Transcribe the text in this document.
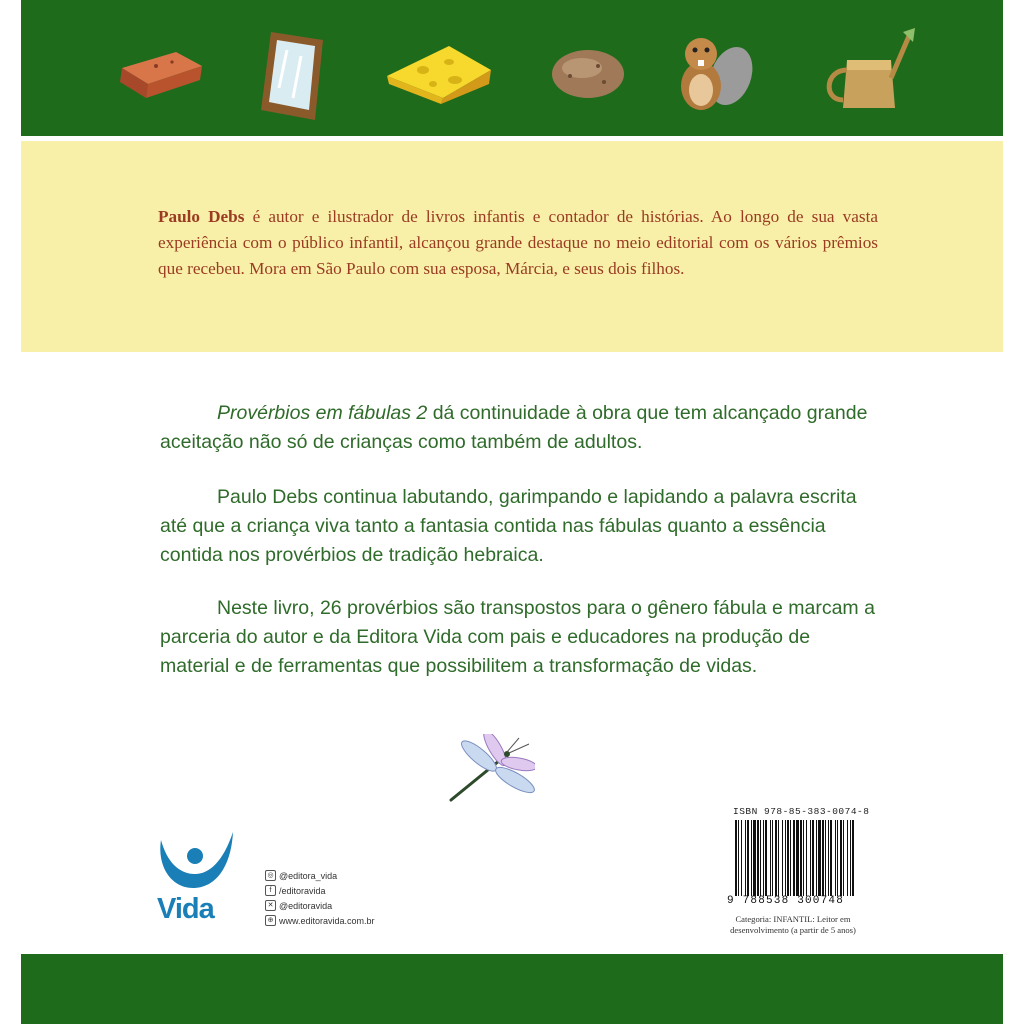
Paulo Debs é autor e ilustrador de livros infantis e contador de histórias. Ao longo de sua vasta experiência com o público infantil, alcançou grande destaque no meio editorial com os vários prêmios que recebeu. Mora em São Paulo com sua esposa, Márcia, e seus dois filhos.
Provérbios em fábulas 2 dá continuidade à obra que tem alcançado grande aceitação não só de crianças como também de adultos.
Paulo Debs continua labutando, garimpando e lapidando a palavra escrita até que a criança viva tanto a fantasia contida nas fábulas quanto a essência contida nos provérbios de tradição hebraica.
Neste livro, 26 provérbios são transpostos para o gênero fábula e marcam a parceria do autor e da Editora Vida com pais e educadores na produção de material e de ferramentas que possibilitem a transformação de vidas.
Vida
◎ @editora_vida
f /editoravida
✕ @editoravida
⊕ www.editoravida.com.br
ISBN 978-85-383-0074-8
9 788538 300748
Categoria: INFANTIL: Leitor em desenvolvimento (a partir de 5 anos)
